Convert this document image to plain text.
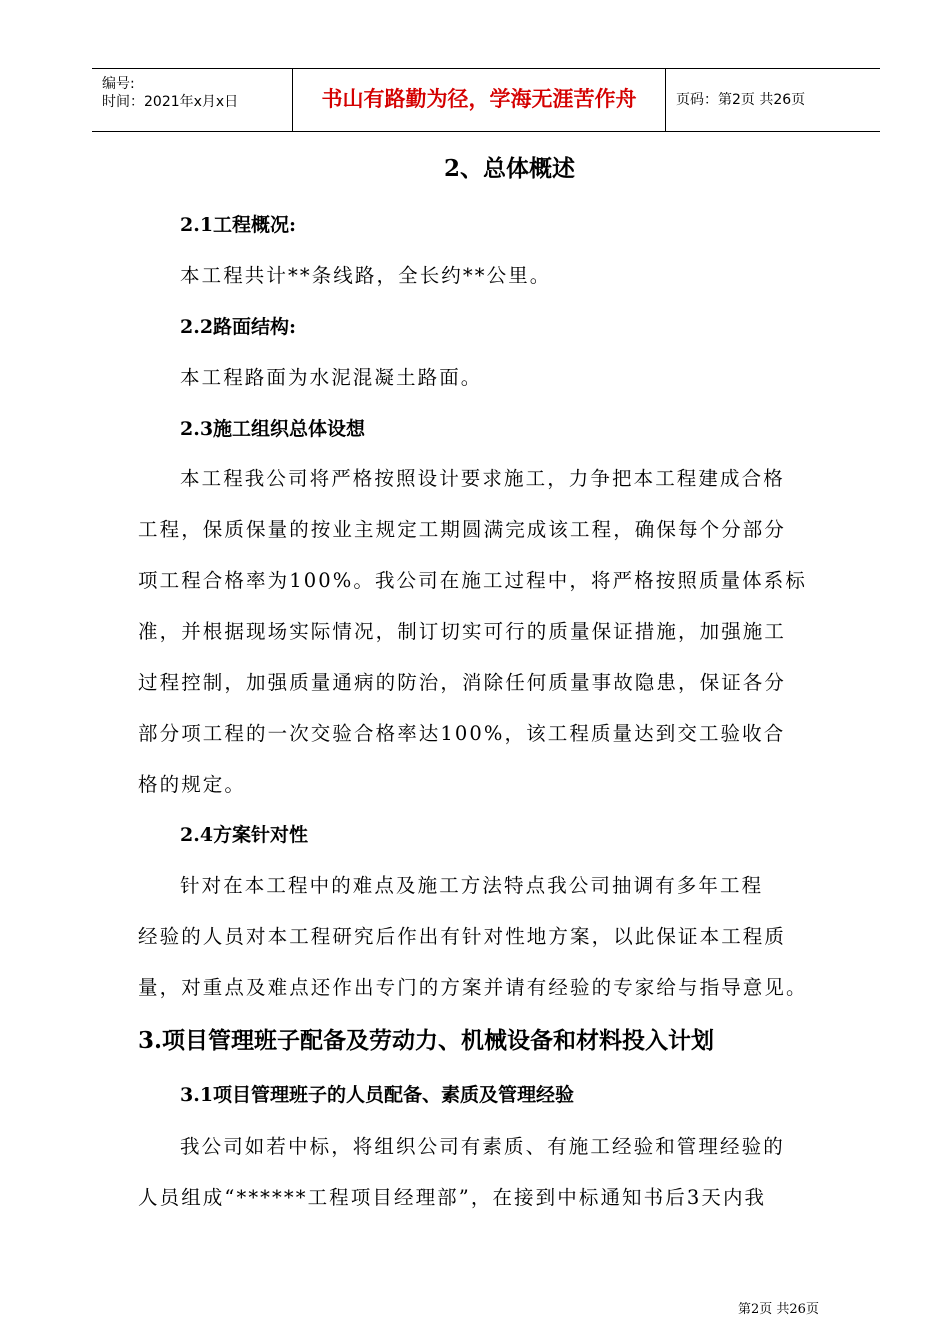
编号:
时间：2021年x月x日	书山有路勤为径，学海无涯苦作舟	页码：第2页 共26页
2、总体概述
2.1工程概况:
本工程共计**条线路，全长约**公里。
2.2路面结构:
本工程路面为水泥混凝土路面。
2.3施工组织总体设想
本工程我公司将严格按照设计要求施工，力争把本工程建成合格
工程，保质保量的按业主规定工期圆满完成该工程，确保每个分部分
项工程合格率为100%。我公司在施工过程中，将严格按照质量体系标
准，并根据现场实际情况，制订切实可行的质量保证措施，加强施工
过程控制，加强质量通病的防治，消除任何质量事故隐患，保证各分
部分项工程的一次交验合格率达100%，该工程质量达到交工验收合
格的规定。
2.4方案针对性
针对在本工程中的难点及施工方法特点我公司抽调有多年工程
经验的人员对本工程研究后作出有针对性地方案，以此保证本工程质
量，对重点及难点还作出专门的方案并请有经验的专家给与指导意见。
3.项目管理班子配备及劳动力、机械设备和材料投入计划
3.1项目管理班子的人员配备、素质及管理经验
我公司如若中标，将组织公司有素质、有施工经验和管理经验的
人员组成“******工程项目经理部”，在接到中标通知书后3天内我
第2页 共26页
